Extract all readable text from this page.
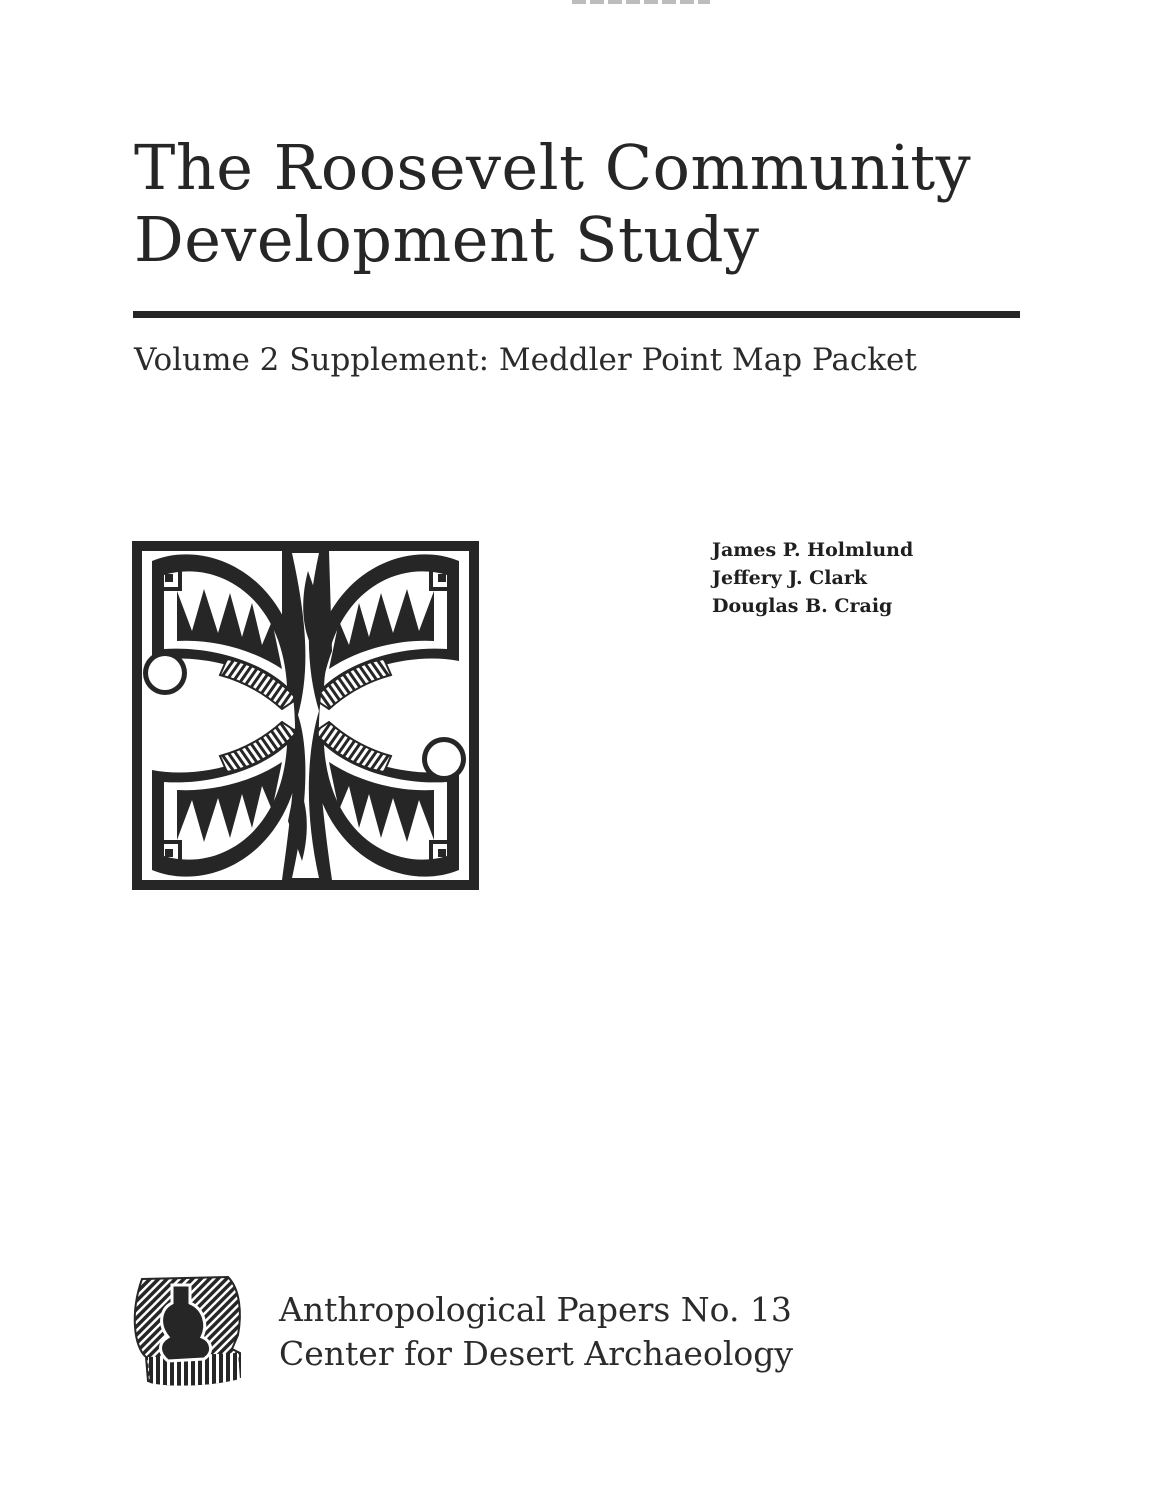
The Roosevelt Community
Development Study
Volume 2 Supplement: Meddler Point Map Packet
James P. Holmlund
Jeffery J. Clark
Douglas B. Craig
Anthropological Papers No. 13
Center for Desert Archaeology
